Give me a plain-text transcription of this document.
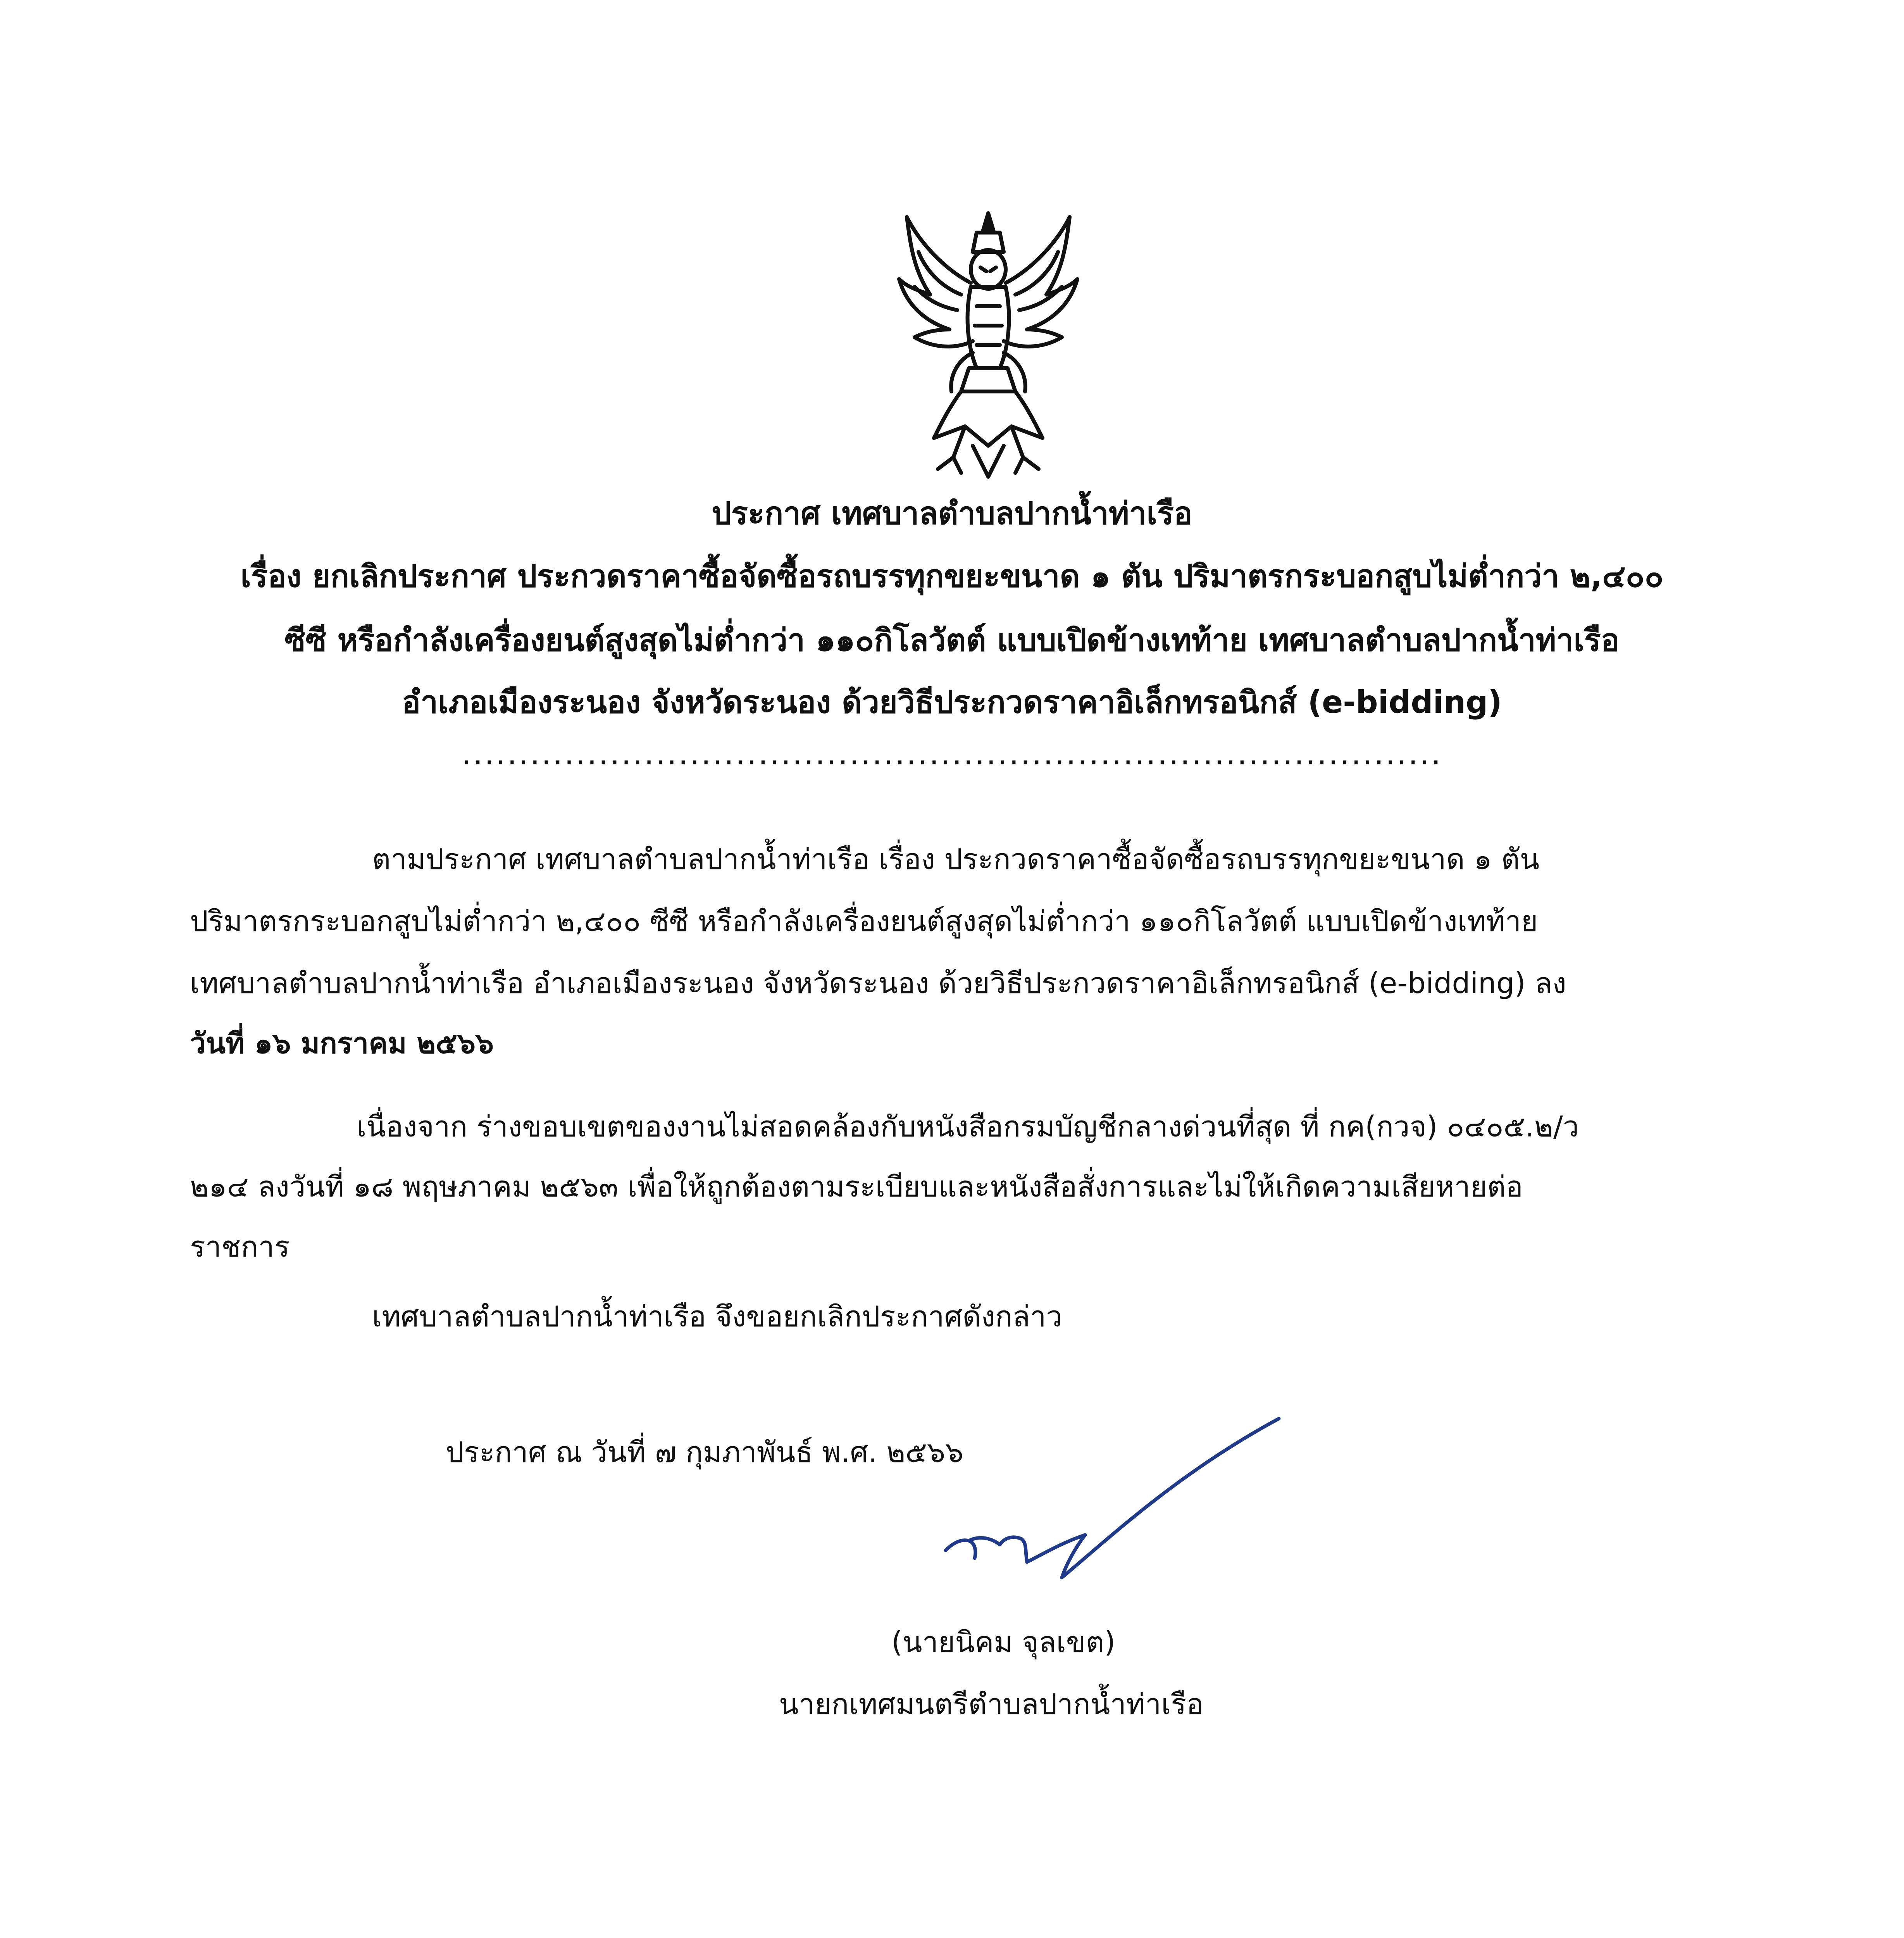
ประกาศ เทศบาลตำบลปากน้ำท่าเรือ
เรื่อง ยกเลิกประกาศ ประกวดราคาซื้อจัดซื้อรถบรรทุกขยะขนาด ๑ ตัน ปริมาตรกระบอกสูบไม่ต่ำกว่า ๒,๔๐๐
ซีซี หรือกำลังเครื่องยนต์สูงสุดไม่ต่ำกว่า ๑๑๐กิโลวัตต์ แบบเปิดข้างเทท้าย เทศบาลตำบลปากน้ำท่าเรือ
อำเภอเมืองระนอง จังหวัดระนอง ด้วยวิธีประกวดราคาอิเล็กทรอนิกส์ (e-bidding)
......................................................................................
ตามประกาศ เทศบาลตำบลปากน้ำท่าเรือ เรื่อง ประกวดราคาซื้อจัดซื้อรถบรรทุกขยะขนาด ๑ ตัน
ปริมาตรกระบอกสูบไม่ต่ำกว่า ๒,๔๐๐ ซีซี หรือกำลังเครื่องยนต์สูงสุดไม่ต่ำกว่า ๑๑๐กิโลวัตต์ แบบเปิดข้างเทท้าย
เทศบาลตำบลปากน้ำท่าเรือ อำเภอเมืองระนอง จังหวัดระนอง ด้วยวิธีประกวดราคาอิเล็กทรอนิกส์ (e-bidding) ลง
วันที่ ๑๖ มกราคม ๒๕๖๖
เนื่องจาก ร่างขอบเขตของงานไม่สอดคล้องกับหนังสือกรมบัญชีกลางด่วนที่สุด ที่ กค(กวจ) ๐๔๐๕.๒/ว
๒๑๔ ลงวันที่ ๑๘ พฤษภาคม ๒๕๖๓ เพื่อให้ถูกต้องตามระเบียบและหนังสือสั่งการและไม่ให้เกิดความเสียหายต่อ
ราชการ
เทศบาลตำบลปากน้ำท่าเรือ จึงขอยกเลิกประกาศดังกล่าว
ประกาศ ณ วันที่ ๗ กุมภาพันธ์ พ.ศ. ๒๕๖๖
(นายนิคม จุลเขต)
นายกเทศมนตรีตำบลปากน้ำท่าเรือ
